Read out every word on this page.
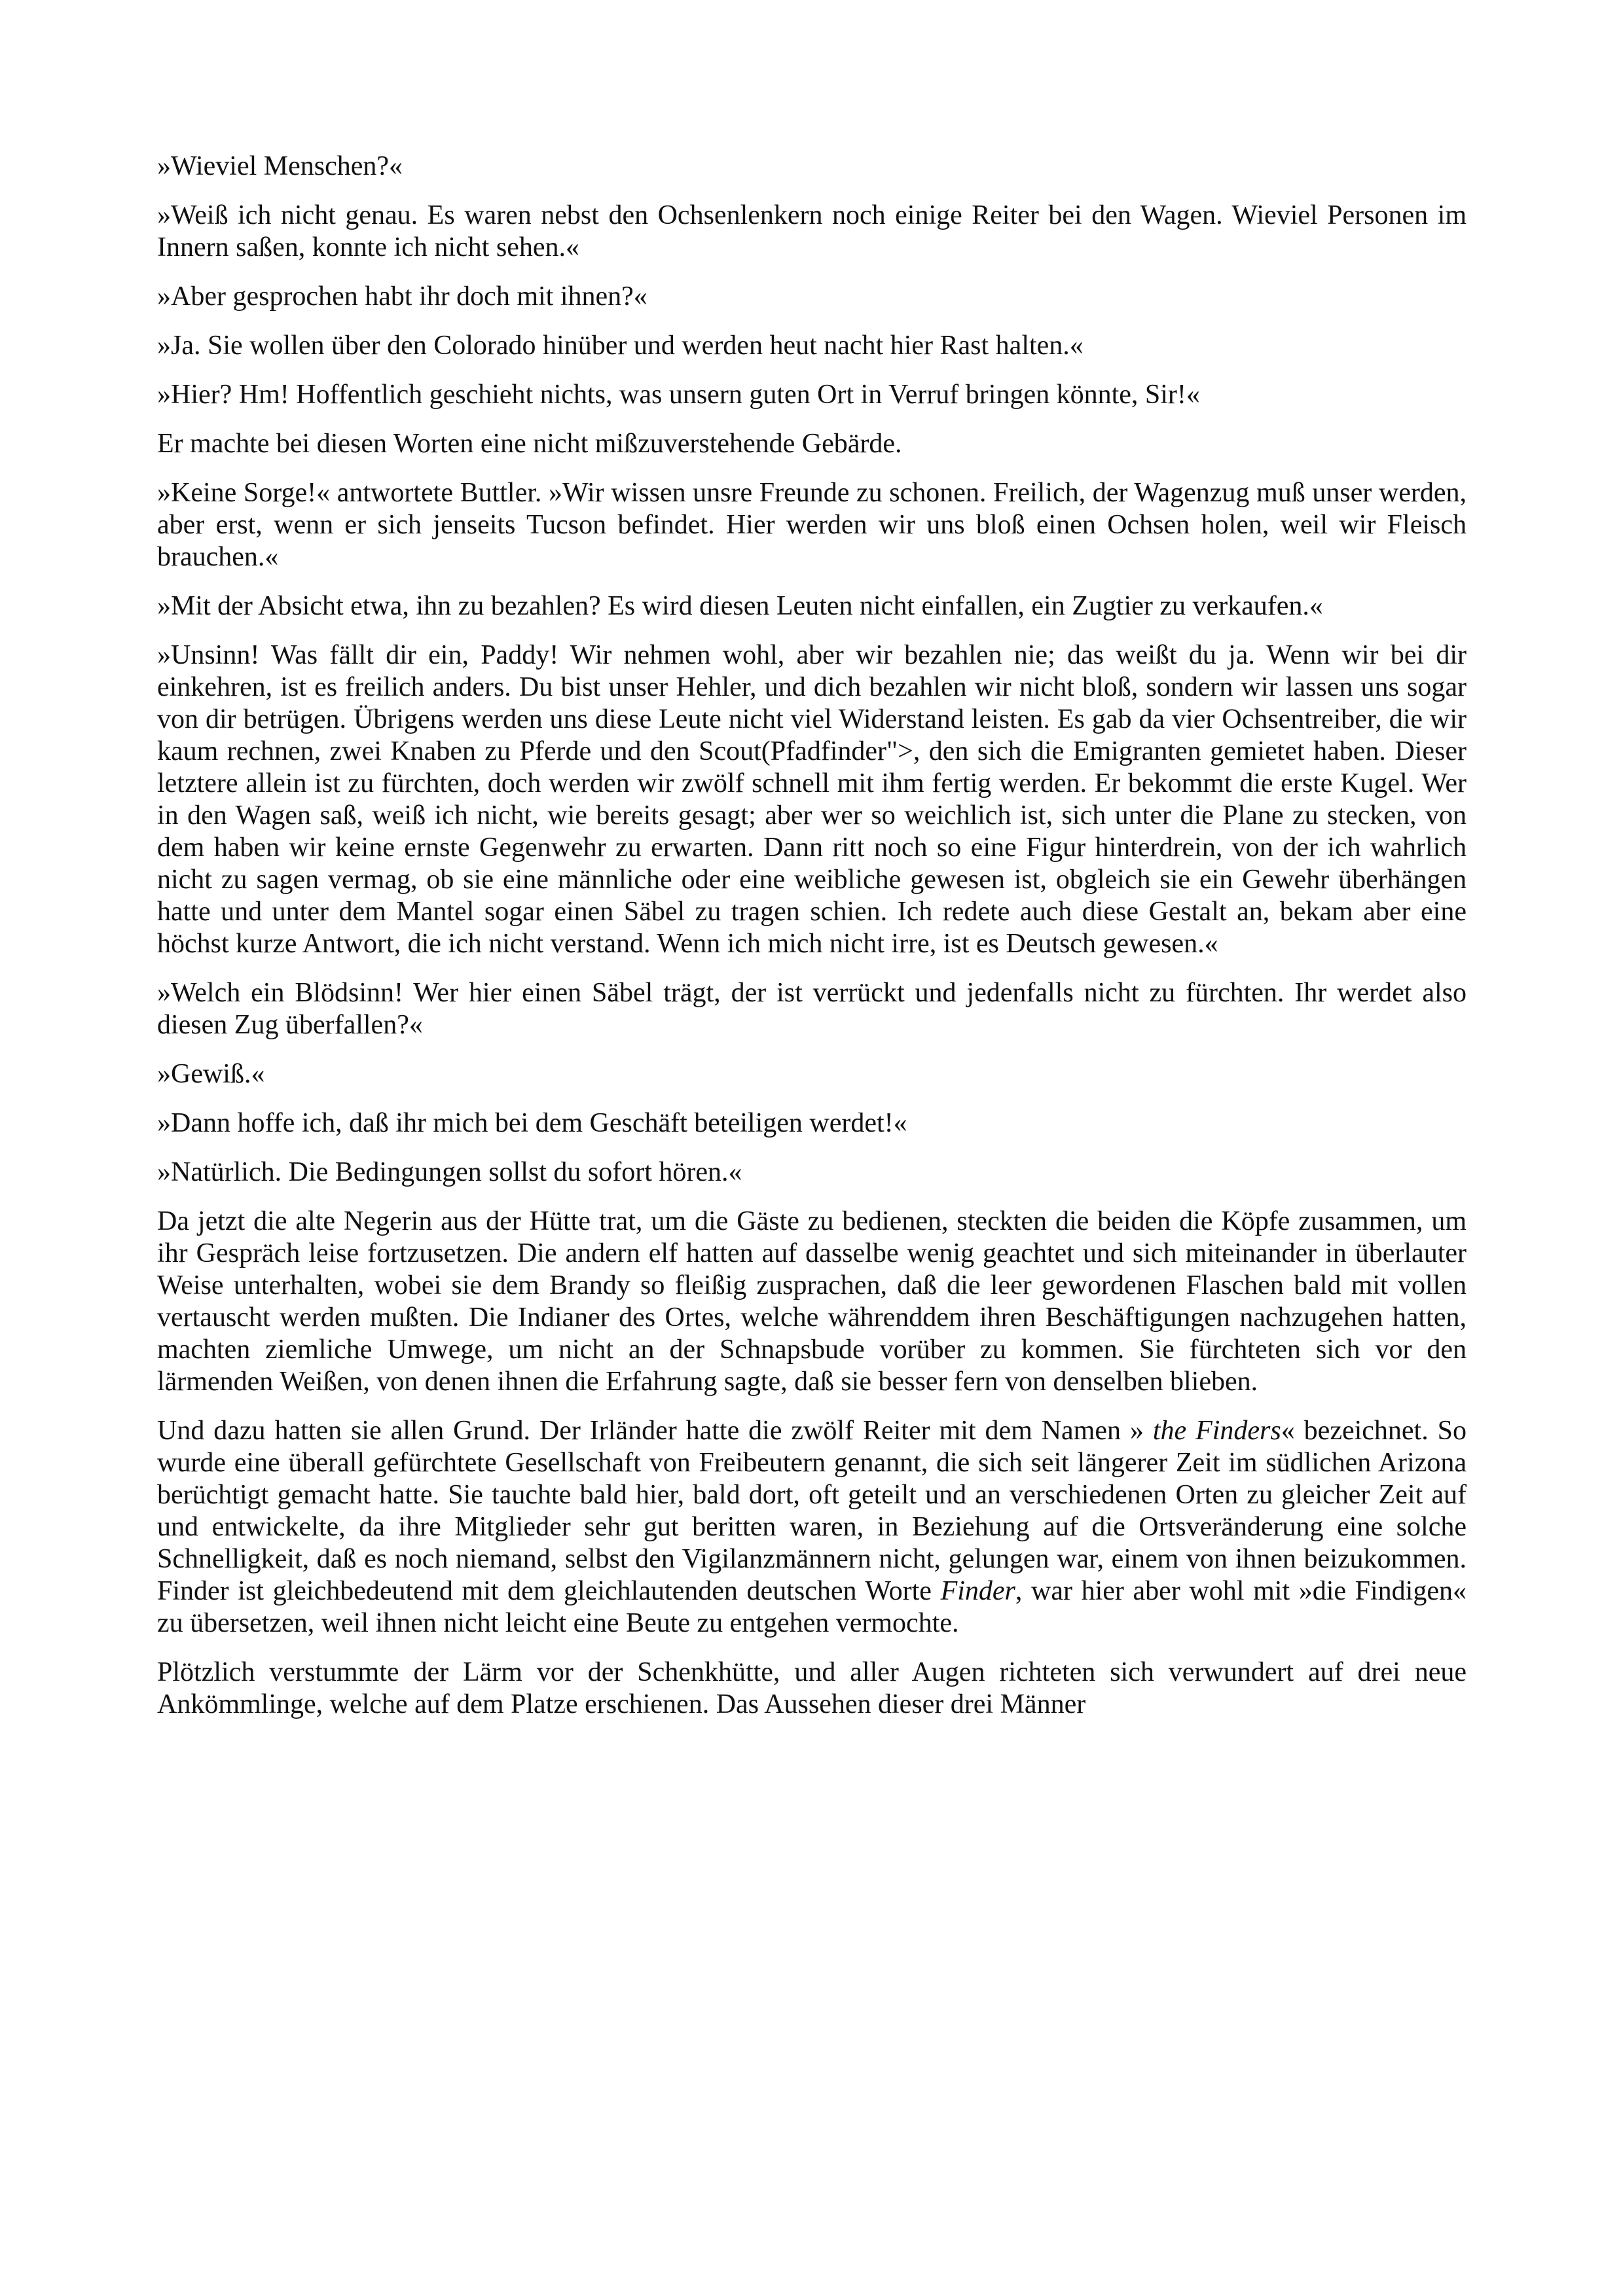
»Wieviel Menschen?«

»Weiß ich nicht genau. Es waren nebst den Ochsenlenkern noch einige Reiter bei den Wagen. Wieviel Personen im Innern saßen, konnte ich nicht sehen.«

»Aber gesprochen habt ihr doch mit ihnen?«

»Ja. Sie wollen über den Colorado hinüber und werden heut nacht hier Rast halten.«

»Hier? Hm! Hoffentlich geschieht nichts, was unsern guten Ort in Verruf bringen könnte, Sir!«

Er machte bei diesen Worten eine nicht mißzuverstehende Gebärde.

»Keine Sorge!« antwortete Buttler. »Wir wissen unsre Freunde zu schonen. Freilich, der Wagenzug muß unser werden, aber erst, wenn er sich jenseits Tucson befindet. Hier werden wir uns bloß einen Ochsen holen, weil wir Fleisch brauchen.«

»Mit der Absicht etwa, ihn zu bezahlen? Es wird diesen Leuten nicht einfallen, ein Zugtier zu verkaufen.«

»Unsinn! Was fällt dir ein, Paddy! Wir nehmen wohl, aber wir bezahlen nie; das weißt du ja. Wenn wir bei dir einkehren, ist es freilich anders. Du bist unser Hehler, und dich bezahlen wir nicht bloß, sondern wir lassen uns sogar von dir betrügen. Übrigens werden uns diese Leute nicht viel Widerstand leisten. Es gab da vier Ochsentreiber, die wir kaum rechnen, zwei Knaben zu Pferde und den Scout(Pfadfinder">, den sich die Emigranten gemietet haben. Dieser letztere allein ist zu fürchten, doch werden wir zwölf schnell mit ihm fertig werden. Er bekommt die erste Kugel. Wer in den Wagen saß, weiß ich nicht, wie bereits gesagt; aber wer so weichlich ist, sich unter die Plane zu stecken, von dem haben wir keine ernste Gegenwehr zu erwarten. Dann ritt noch so eine Figur hinterdrein, von der ich wahrlich nicht zu sagen vermag, ob sie eine männliche oder eine weibliche gewesen ist, obgleich sie ein Gewehr überhängen hatte und unter dem Mantel sogar einen Säbel zu tragen schien. Ich redete auch diese Gestalt an, bekam aber eine höchst kurze Antwort, die ich nicht verstand. Wenn ich mich nicht irre, ist es Deutsch gewesen.«

»Welch ein Blödsinn! Wer hier einen Säbel trägt, der ist verrückt und jedenfalls nicht zu fürchten. Ihr werdet also diesen Zug überfallen?«

»Gewiß.«

»Dann hoffe ich, daß ihr mich bei dem Geschäft beteiligen werdet!«

»Natürlich. Die Bedingungen sollst du sofort hören.«

Da jetzt die alte Negerin aus der Hütte trat, um die Gäste zu bedienen, steckten die beiden die Köpfe zusammen, um ihr Gespräch leise fortzusetzen. Die andern elf hatten auf dasselbe wenig geachtet und sich miteinander in überlauter Weise unterhalten, wobei sie dem Brandy so fleißig zusprachen, daß die leer gewordenen Flaschen bald mit vollen vertauscht werden mußten. Die Indianer des Ortes, welche währenddem ihren Beschäftigungen nachzugehen hatten, machten ziemliche Umwege, um nicht an der Schnapsbude vorüber zu kommen. Sie fürchteten sich vor den lärmenden Weißen, von denen ihnen die Erfahrung sagte, daß sie besser fern von denselben blieben.

Und dazu hatten sie allen Grund. Der Irländer hatte die zwölf Reiter mit dem Namen » the Finders« bezeichnet. So wurde eine überall gefürchtete Gesellschaft von Freibeutern genannt, die sich seit längerer Zeit im südlichen Arizona berüchtigt gemacht hatte. Sie tauchte bald hier, bald dort, oft geteilt und an verschiedenen Orten zu gleicher Zeit auf und entwickelte, da ihre Mitglieder sehr gut beritten waren, in Beziehung auf die Ortsveränderung eine solche Schnelligkeit, daß es noch niemand, selbst den Vigilanzmännern nicht, gelungen war, einem von ihnen beizukommen. Finder ist gleichbedeutend mit dem gleichlautenden deutschen Worte Finder, war hier aber wohl mit »die Findigen« zu übersetzen, weil ihnen nicht leicht eine Beute zu entgehen vermochte.

Plötzlich verstummte der Lärm vor der Schenkhütte, und aller Augen richteten sich verwundert auf drei neue Ankömmlinge, welche auf dem Platze erschienen. Das Aussehen dieser drei Männer
